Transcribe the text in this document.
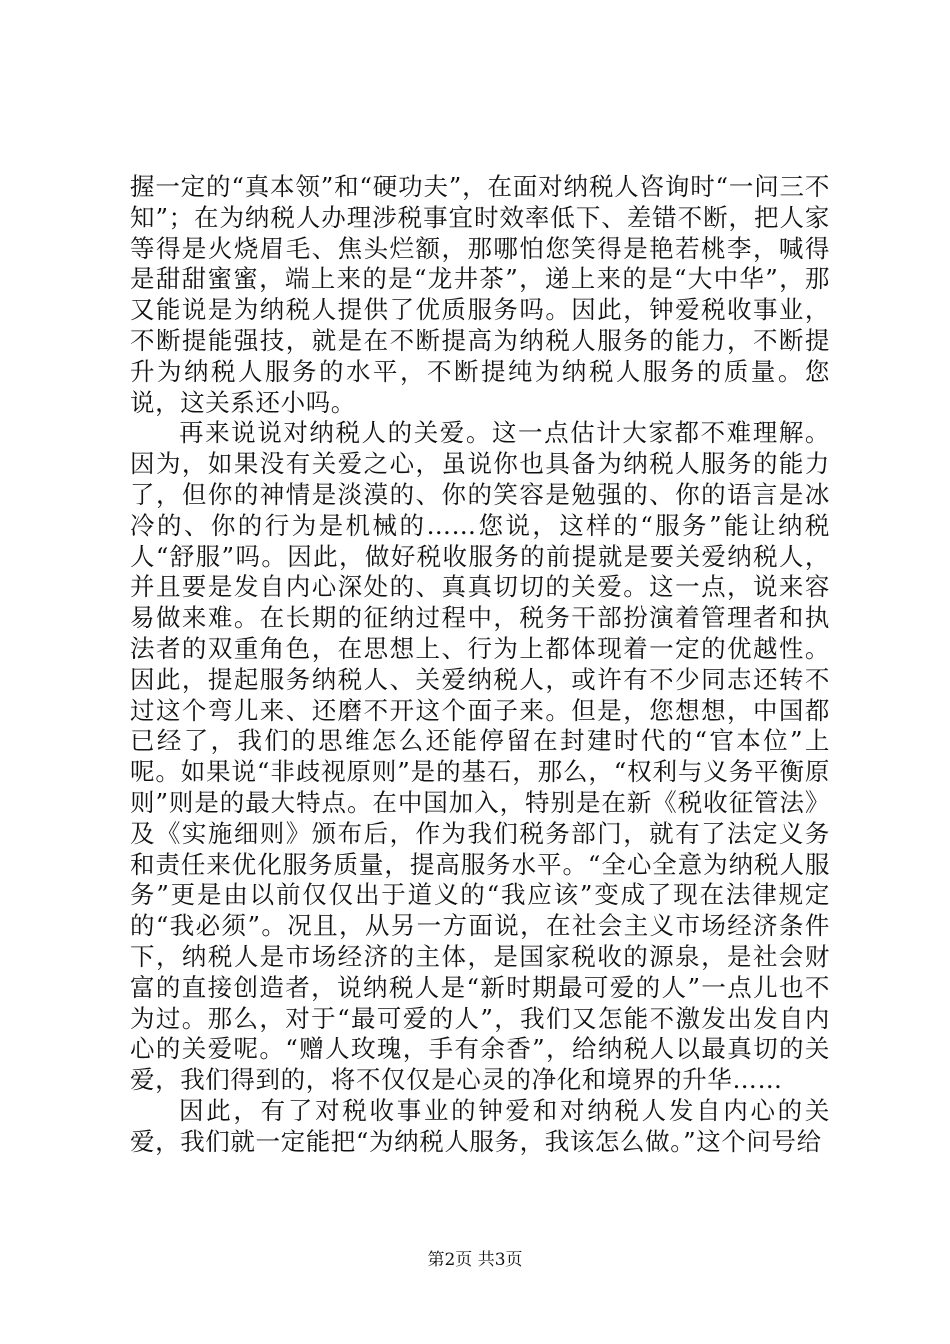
握一定的“真本领”和“硬功夫”，在面对纳税人咨询时“一问三不知”；在为纳税人办理涉税事宜时效率低下、差错不断，把人家等得是火烧眉毛、焦头烂额，那哪怕您笑得是艳若桃李，喊得是甜甜蜜蜜，端上来的是“龙井茶”，递上来的是“大中华”，那又能说是为纳税人提供了优质服务吗。因此，钟爱税收事业，不断提能强技，就是在不断提高为纳税人服务的能力，不断提升为纳税人服务的水平，不断提纯为纳税人服务的质量。您说，这关系还小吗。

再来说说对纳税人的关爱。这一点估计大家都不难理解。因为，如果没有关爱之心，虽说你也具备为纳税人服务的能力了，但你的神情是淡漠的、你的笑容是勉强的、你的语言是冰冷的、你的行为是机械的……您说，这样的“服务”能让纳税人“舒服”吗。因此，做好税收服务的前提就是要关爱纳税人，并且要是发自内心深处的、真真切切的关爱。这一点，说来容易做来难。在长期的征纳过程中，税务干部扮演着管理者和执法者的双重角色，在思想上、行为上都体现着一定的优越性。因此，提起服务纳税人、关爱纳税人，或许有不少同志还转不过这个弯儿来、还磨不开这个面子来。但是，您想想，中国都已经了，我们的思维怎么还能停留在封建时代的“官本位”上呢。如果说“非歧视原则”是的基石，那么，“权利与义务平衡原则”则是的最大特点。在中国加入，特别是在新《税收征管法》及《实施细则》颁布后，作为我们税务部门，就有了法定义务和责任来优化服务质量，提高服务水平。“全心全意为纳税人服务”更是由以前仅仅出于道义的“我应该”变成了现在法律规定的“我必须”。况且，从另一方面说，在社会主义市场经济条件下，纳税人是市场经济的主体，是国家税收的源泉，是社会财富的直接创造者，说纳税人是“新时期最可爱的人”一点儿也不为过。那么，对于“最可爱的人”，我们又怎能不激发出发自内心的关爱呢。“赠人玫瑰，手有余香”，给纳税人以最真切的关爱，我们得到的，将不仅仅是心灵的净化和境界的升华……

因此，有了对税收事业的钟爱和对纳税人发自内心的关爱，我们就一定能把“为纳税人服务，我该怎么做。”这个问号给

第2页 共3页
